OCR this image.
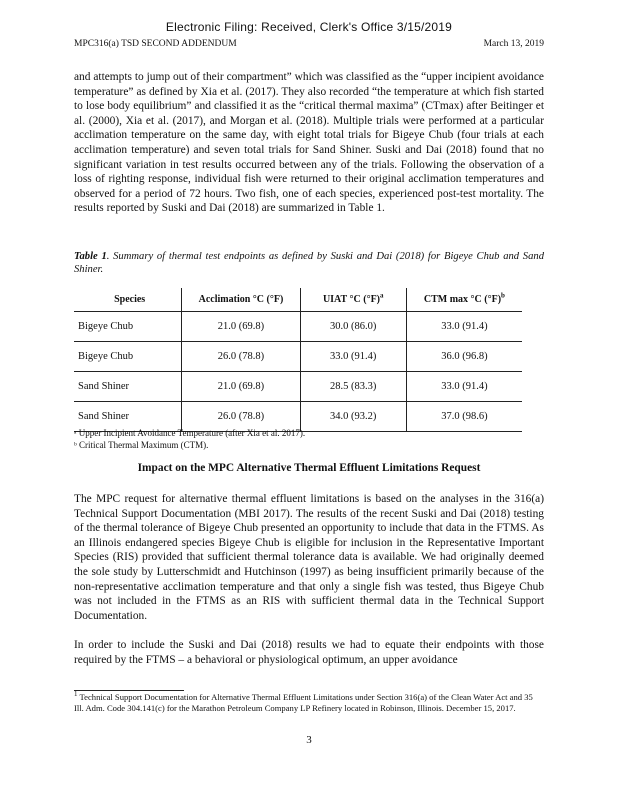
Electronic Filing: Received, Clerk's Office 3/15/2019
MPC316(a) TSD SECOND ADDENDUM	March 13, 2019
and attempts to jump out of their compartment” which was classified as the “upper incipient avoidance temperature” as defined by Xia et al. (2017). They also recorded “the temperature at which fish started to lose body equilibrium” and classified it as the “critical thermal maxima” (CTmax) after Beitinger et al. (2000), Xia et al. (2017), and Morgan et al. (2018). Multiple trials were performed at a particular acclimation temperature on the same day, with eight total trials for Bigeye Chub (four trials at each acclimation temperature) and seven total trials for Sand Shiner. Suski and Dai (2018) found that no significant variation in test results occurred between any of the trials. Following the observation of a loss of righting response, individual fish were returned to their original acclimation temperatures and observed for a period of 72 hours. Two fish, one of each species, experienced post-test mortality. The results reported by Suski and Dai (2018) are summarized in Table 1.
Table 1. Summary of thermal test endpoints as defined by Suski and Dai (2018) for Bigeye Chub and Sand Shiner.
Species	Acclimation °C (°F)	UIAT °C $(^\circ F)^a$	CTM max °C $(^\circ F)^b$
Bigeye Chub	21.0 (69.8)	30.0 (86.0)	33.0 (91.4)
Bigeye Chub	26.0 (78.8)	33.0 (91.4)	36.0 (96.8)
Sand Shiner	21.0 (69.8)	28.5 (83.3)	33.0 (91.4)
Sand Shiner	26.0 (78.8)	34.0 (93.2)	37.0 (98.6)
ᵃ Upper Incipient Avoidance Temperature (after Xia et al. 2017).
ᵇ Critical Thermal Maximum (CTM).
Impact on the MPC Alternative Thermal Effluent Limitations Request
The MPC request for alternative thermal effluent limitations is based on the analyses in the 316(a) Technical Support Documentation (MBI 2017). The results of the recent Suski and Dai (2018) testing of the thermal tolerance of Bigeye Chub presented an opportunity to include that data in the FTMS. As an Illinois endangered species Bigeye Chub is eligible for inclusion in the Representative Important Species (RIS) provided that sufficient thermal tolerance data is available. We had originally deemed the sole study by Lutterschmidt and Hutchinson (1997) as being insufficient primarily because of the non-representative acclimation temperature and that only a single fish was tested, thus Bigeye Chub was not included in the FTMS as an RIS with sufficient thermal data in the Technical Support Documentation.
In order to include the Suski and Dai (2018) results we had to equate their endpoints with those required by the FTMS – a behavioral or physiological optimum, an upper avoidance
$^1$ Technical Support Documentation for Alternative Thermal Effluent Limitations under Section 316(a) of the Clean Water Act and 35 Ill. Adm. Code 304.141(c) for the Marathon Petroleum Company LP Refinery located in Robinson, Illinois. December 15, 2017.
3
